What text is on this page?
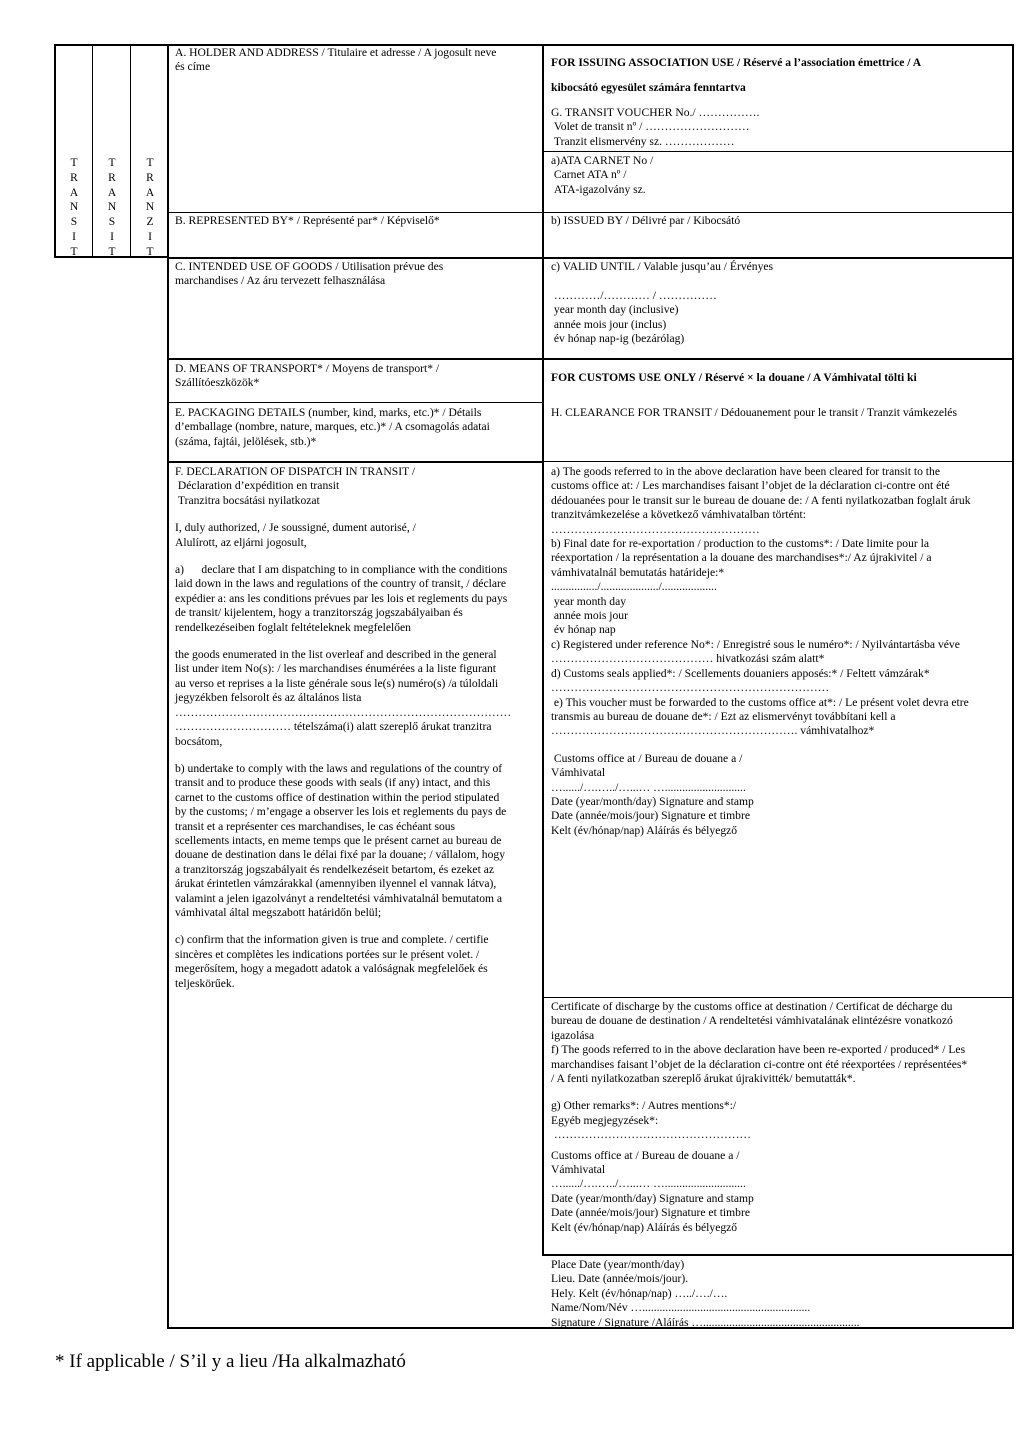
T
R
A
N
S
I
T
T
R
A
N
S
I
T
T
R
A
N
Z
I
T
A. HOLDER AND ADDRESS / Titulaire et adresse / A jogosult neve
és címe
B. REPRESENTED BY* / Représenté par* / Képviselő*
C. INTENDED USE OF GOODS / Utilisation prévue des
marchandises / Az áru tervezett felhasználása
D. MEANS OF TRANSPORT* / Moyens de transport* /
Szállítóeszközök*
E. PACKAGING DETAILS (number, kind, marks, etc.)* / Détails
d’emballage (nombre, nature, marques, etc.)* / A csomagolás adatai
(száma, fajtái, jelölések, stb.)*
F. DECLARATION OF DISPATCH IN TRANSIT /
Déclaration d’expédition en transit
Tranzitra bocsátási nyilatkozat
I, duly authorized, / Je soussigné, dument autorisé, /
Alulírott, az eljárni jogosult,
a)      declare that I am dispatching to in compliance with the conditions
laid down in the laws and regulations of the country of transit, / déclare
expédier a: ans les conditions prévues par les lois et reglements du pays
de transit/ kijelentem, hogy a tranzitország jogszabályaiban és
rendelkezéseiben foglalt feltételeknek megfelelően
the goods enumerated in the list overleaf and described in the general
list under item No(s): / les marchandises énumérées a la liste figurant
au verso et reprises a la liste générale sous le(s) numéro(s) /a túloldali
jegyzékben felsorolt és az általános lista
……………………………………………………………………………
………………………… tételszáma(i) alatt szereplő árukat tranzitra
bocsátom,
b) undertake to comply with the laws and regulations of the country of
transit and to produce these goods with seals (if any) intact, and this
carnet to the customs office of destination within the period stipulated
by the customs; / m’engage a observer les lois et reglements du pays de
transit et a représenter ces marchandises, le cas échéant sous
scellements intacts, en meme temps que le présent carnet au bureau de
douane de destination dans le délai fixé par la douane; / vállalom, hogy
a tranzitország jogszabályait és rendelkezéseit betartom, és ezeket az
árukat érintetlen vámzárakkal (amennyiben ilyennel el vannak látva),
valamint a jelen igazolványt a rendeltetési vámhivatalnál bemutatom a
vámhivatal által megszabott határidőn belül;
c) confirm that the information given is true and complete. / certifie
sincères et complètes les indications portées sur le présent volet. /
megerősítem, hogy a megadott adatok a valóságnak megfelelőek és
teljeskörűek.
FOR ISSUING ASSOCIATION USE / Réservé a l’association émettrice / A
kibocsátó egyesület számára fenntartva
G. TRANSIT VOUCHER No./ …………….
Volet de transit nº / ………………………
Tranzit elismervény sz. ………………
a)ATA CARNET No /
Carnet ATA nº /
ATA-igazolvány sz.
b) ISSUED BY / Délivré par / Kibocsátó
c) VALID UNTIL / Valable jusqu’au / Érvényes

…………/………… / ……………
year month day (inclusive)
année mois jour (inclus)
év hónap nap-ig (bezárólag)
FOR CUSTOMS USE ONLY / Réservé × la douane / A Vámhivatal tölti ki
H. CLEARANCE FOR TRANSIT / Dédouanement pour le transit / Tranzit vámkezelés
a) The goods referred to in the above declaration have been cleared for transit to the
customs office at: / Les marchandises faisant l’objet de la déclaration ci-contre ont été
dédouanées pour le transit sur le bureau de douane de: / A fenti nyilatkozatban foglalt áruk
tranzitvámkezelése a következő vámhivatalban történt:
………………………………………………
b) Final date for re-exportation / production to the customs*: / Date limite pour la
réexportation / la représentation a la douane des marchandises*:/ Az újrakivitel / a
vámhivatalnál bemutatás határideje:*
................/..................../...................
year month day
année mois jour
év hónap nap
c) Registered under reference No*: / Enregistré sous le numéro*: / Nyilvántartásba véve
…………………………………… hivatkozási szám alatt*
d) Customs seals applied*: / Scellements douaniers apposés:* / Feltett vámzárak*
………………………………………………………………
e) This voucher must be forwarded to the customs office at*: / Le présent volet devra etre
transmis au bureau de douane de*: / Ezt az elismervényt továbbítani kell a
………………………………………………………. vámhivatalhoz*
Customs office at / Bureau de douane a /
Vámhivatal
…....../….…../…...… …............................
Date (year/month/day) Signature and stamp
Date (année/mois/jour) Signature et timbre
Kelt (év/hónap/nap) Aláírás és bélyegző
Certificate of discharge by the customs office at destination / Certificat de décharge du
bureau de douane de destination / A rendeltetési vámhivatalának elintézésre vonatkozó
igazolása
f) The goods referred to in the above declaration have been re-exported / produced* / Les
marchandises faisant l’objet de la déclaration ci-contre ont été réexportées / représentées*
/ A fenti nyilatkozatban szereplő árukat újrakivitték/ bemutatták*.
g) Other remarks*: / Autres mentions*:/
Egyéb megjegyzések*:
……………………………………………
Customs office at / Bureau de douane a /
Vámhivatal
…....../….…../…...… …............................
Date (year/month/day) Signature and stamp
Date (année/mois/jour) Signature et timbre
Kelt (év/hónap/nap) Aláírás és bélyegző
Place Date (year/month/day)
Lieu. Date (année/mois/jour).
Hely. Kelt (év/hónap/nap) …../…./….
Name/Nom/Név …..........................................................
Signature / Signature /Aláírás …......................................................
* If applicable / S’il y a lieu /Ha alkalmazható
